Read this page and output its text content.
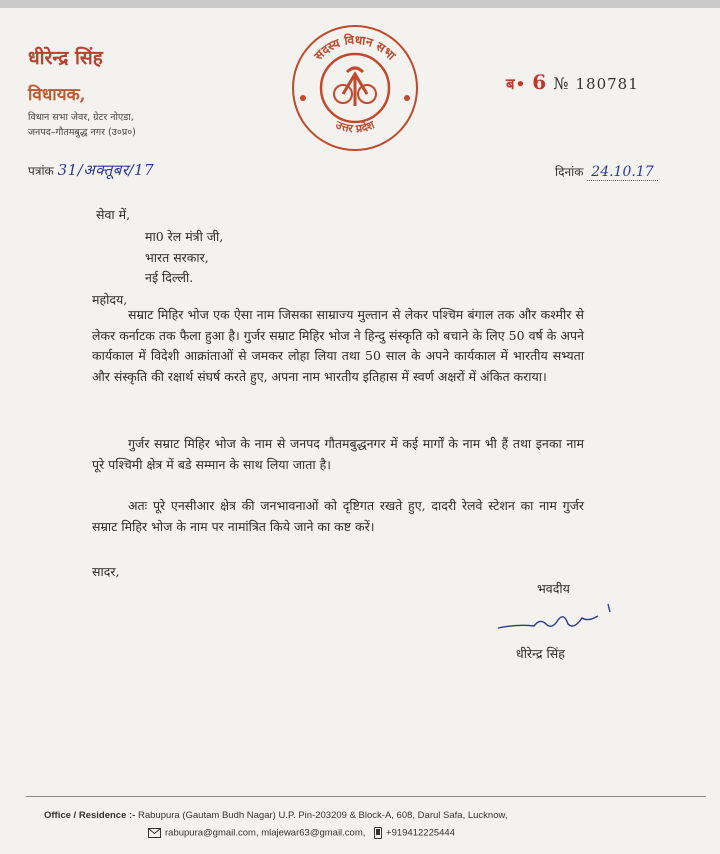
धीरेन्द्र सिंह
विधायक,
विधान सभा जेवर, ग्रेटर नोएडा,
जनपद–गौतमबुद्ध नगर (उ०प्र०)
सदस्य विधान सभा
उत्तर प्रदेश
ब• 6 № 180781
पत्रांक 31/अक्तूबर/17	दिनांक 24.10.17
सेवा में,
मा0 रेल मंत्री जी,
भारत सरकार,
नई दिल्ली.
महोदय,
सम्राट मिहिर भोज एक ऐसा नाम जिसका साम्राज्य मुल्तान से लेकर पश्चिम बंगाल तक और कश्मीर से लेकर कर्नाटक तक फैला हुआ है। गुर्जर सम्राट मिहिर भोज ने हिन्दु संस्कृति को बचाने के लिए 50 वर्ष के अपने कार्यकाल में विदेशी आक्रांताओं से जमकर लोहा लिया तथा 50 साल के अपने कार्यकाल में भारतीय सभ्यता और संस्कृति की रक्षार्थ संघर्ष करते हुए, अपना नाम भारतीय इतिहास में स्वर्ण अक्षरों में अंकित कराया।
गुर्जर सम्राट मिहिर भोज के नाम से जनपद गौतमबुद्धनगर में कई मार्गों के नाम भी हैं तथा इनका नाम पूरे पश्चिमी क्षेत्र में बडे सम्मान के साथ लिया जाता है।
अतः पूरे एनसीआर क्षेत्र की जनभावनाओं को दृष्टिगत रखते हुए, दादरी रेलवे स्टेशन का नाम गुर्जर सम्राट मिहिर भोज के नाम पर नामांत्रित किये जाने का कष्ट करें।
सादर,
भवदीय
धीरेन्द्र सिंह
Office / Residence :- Rabupura (Gautam Budh Nagar) U.P. Pin-203209 & Block-A, 608, Darul Safa, Lucknow,
rabupura@gmail.com, mlajewar63@gmail.com, +919412225444
